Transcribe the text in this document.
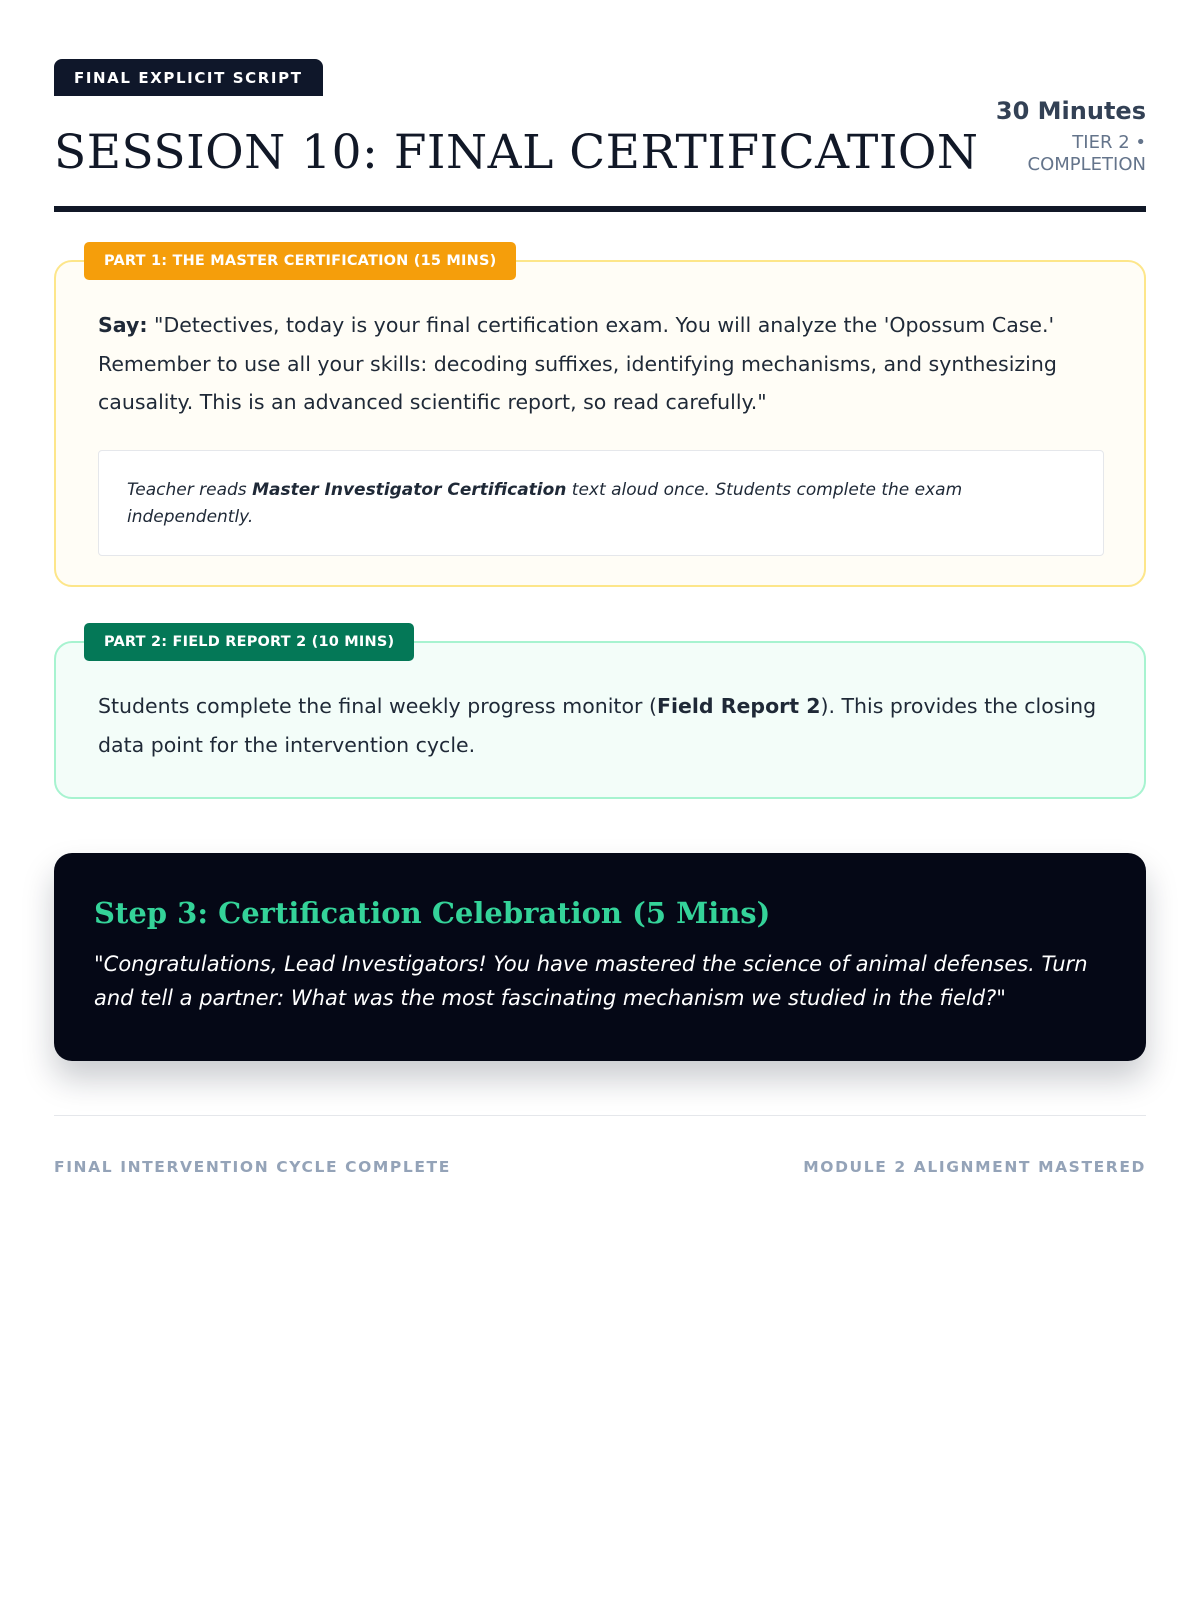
FINAL EXPLICIT SCRIPT
SESSION 10: FINAL CERTIFICATION
30 Minutes
TIER 2 • COMPLETION
PART 1: THE MASTER CERTIFICATION (15 MINS)

Say: "Detectives, today is your final certification exam. You will analyze the 'Opossum Case.' Remember to use all your skills: decoding suffixes, identifying mechanisms, and synthesizing causality. This is an advanced scientific report, so read carefully."

Teacher reads Master Investigator Certification text aloud once. Students complete the exam independently.
PART 2: FIELD REPORT 2 (10 MINS)

Students complete the final weekly progress monitor (Field Report 2). This provides the closing data point for the intervention cycle.

Step 3: Certification Celebration (5 Mins)

"Congratulations, Lead Investigators! You have mastered the science of animal defenses. Turn and tell a partner: What was the most fascinating mechanism we studied in the field?"

FINAL INTERVENTION CYCLE COMPLETE	MODULE 2 ALIGNMENT MASTERED
